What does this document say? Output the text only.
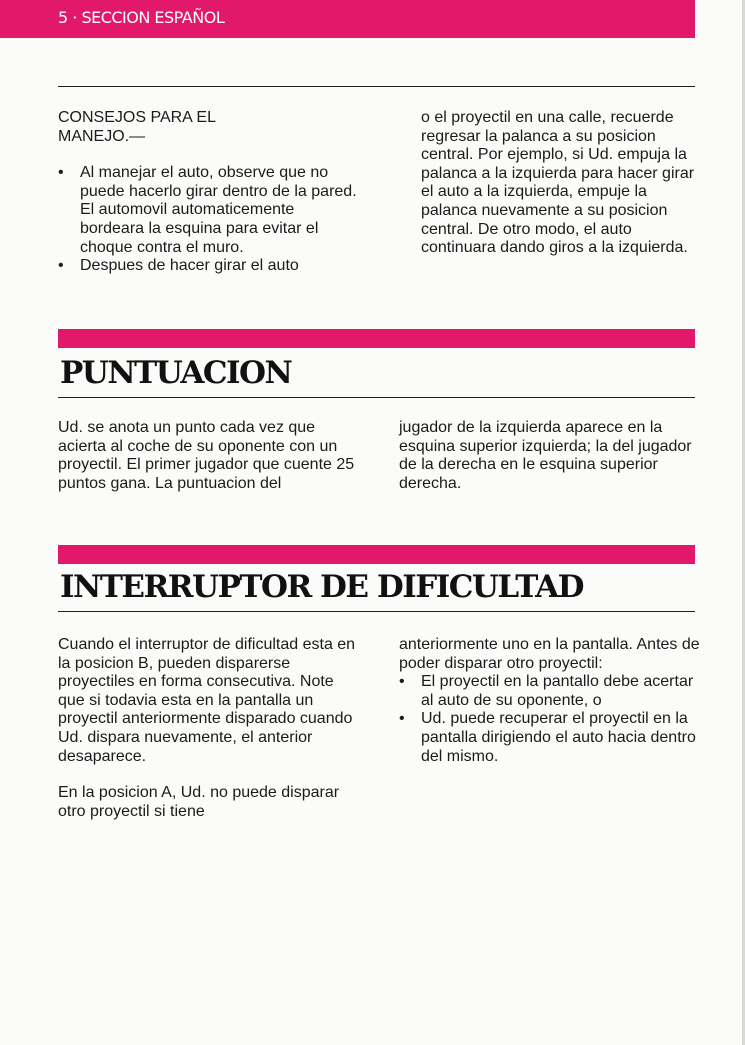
5 · SECCION ESPAÑOL

CONSEJOS PARA EL

MANEJO.—

• Al manejar el auto, observe que no puede hacerlo girar dentro de la pared. El automovil automaticemente bordeara la esquina para evitar el choque contra el muro.
• Despues de hacer girar el auto

o el proyectil en una calle, recuerde regresar la palanca a su posicion central. Por ejemplo, si Ud. empuja la palanca a la izquierda para hacer girar el auto a la izquierda, empuje la palanca nuevamente a su posicion central. De otro modo, el auto continuara dando giros a la izquierda.

PUNTUACION

Ud. se anota un punto cada vez que acierta al coche de su oponente con un proyectil. El primer jugador que cuente 25 puntos gana. La puntuacion del

jugador de la izquierda aparece en la esquina superior izquierda; la del jugador de la derecha en le esquina superior derecha.

INTERRUPTOR DE DIFICULTAD

Cuando el interruptor de dificultad esta en la posicion B, pueden disparerse proyectiles en forma consecutiva. Note que si todavia esta en la pantalla un proyectil anteriormente disparado cuando Ud. dispara nuevamente, el anterior desaparece.

En la posicion A, Ud. no puede disparar otro proyectil si tiene

anteriormente uno en la pantalla. Antes de poder disparar otro proyectil:

• El proyectil en la pantallo debe acertar al auto de su oponente, o
• Ud. puede recuperar el proyectil en la pantalla dirigiendo el auto hacia dentro del mismo.
